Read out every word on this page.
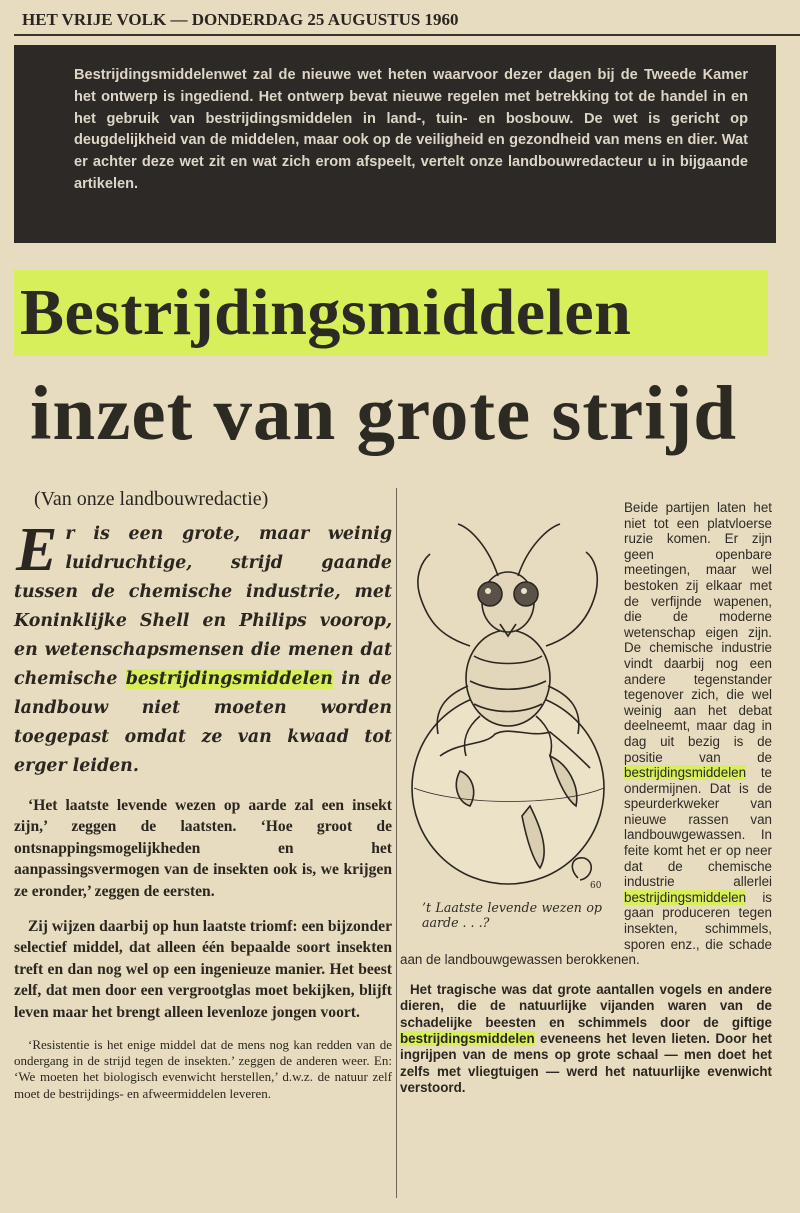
HET VRIJE VOLK — DONDERDAG 25 AUGUSTUS 1960
Bestrijdingsmiddelenwet zal de nieuwe wet heten waarvoor dezer dagen bij de Tweede Kamer het ontwerp is ingediend. Het ontwerp bevat nieuwe regelen met betrekking tot de handel in en het gebruik van bestrijdingsmiddelen in land-, tuin- en bosbouw. De wet is gericht op deugdelijkheid van de middelen, maar ook op de veiligheid en gezondheid van mens en dier. Wat er achter deze wet zit en wat zich erom afspeelt, vertelt onze landbouwredacteur u in bijgaande artikelen.
Bestrijdingsmiddelen
inzet van grote strijd
(Van onze landbouwredactie)
Er is een grote, maar weinig luidruchtige, strijd gaande tussen de chemische industrie, met Koninklijke Shell en Philips voorop, en wetenschapsmensen die menen dat chemische bestrijdingsmiddelen in de landbouw niet moeten worden toegepast omdat ze van kwaad tot erger leiden.

‘Het laatste levende wezen op aarde zal een insekt zijn,’ zeggen de laatsten. ‘Hoe groot de ontsnappingsmogelijkheden en het aanpassingsvermogen van de insekten ook is, we krijgen ze eronder,’ zeggen de eersten.

Zij wijzen daarbij op hun laatste triomf: een bijzonder selectief middel, dat alleen één bepaalde soort insekten treft en dan nog wel op een ingenieuze manier. Het beest zelf, dat men door een vergrootglas moet bekijken, blijft leven maar het brengt alleen levenloze jongen voort.

‘Resistentie is het enige middel dat de mens nog kan redden van de ondergang in de strijd tegen de insekten.’ zeggen de anderen weer. En: ‘We moeten het biologisch evenwicht herstellen,’ d.w.z. de natuur zelf moet de bestrijdings- en afweermiddelen leveren.

60
’t Laatste levende wezen op aarde . . .?
Beide partijen laten het niet tot een platvloerse ruzie komen. Er zijn geen openbare meetingen, maar wel bestoken zij elkaar met de verfijnde wapenen, die de moderne wetenschap eigen zijn. De chemische industrie vindt daarbij nog een andere tegenstander tegenover zich, die wel weinig aan het debat deelneemt, maar dag in dag uit bezig is de positie van de bestrijdingsmiddelen te ondermijnen. Dat is de speurderkweker van nieuwe rassen van landbouwgewassen. In feite komt het er op neer dat de chemische industrie allerlei bestrijdingsmiddelen is gaan produceren tegen insekten, schimmels, sporen enz., die schade aan de landbouwgewassen berokkenen.

Het tragische was dat grote aantallen vogels en andere dieren, die de natuurlijke vijanden waren van de schadelijke beesten en schimmels door de giftige bestrijdingsmiddelen eveneens het leven lieten. Door het ingrijpen van de mens op grote schaal — men doet het zelfs met vliegtuigen — werd het natuurlijke evenwicht verstoord.
